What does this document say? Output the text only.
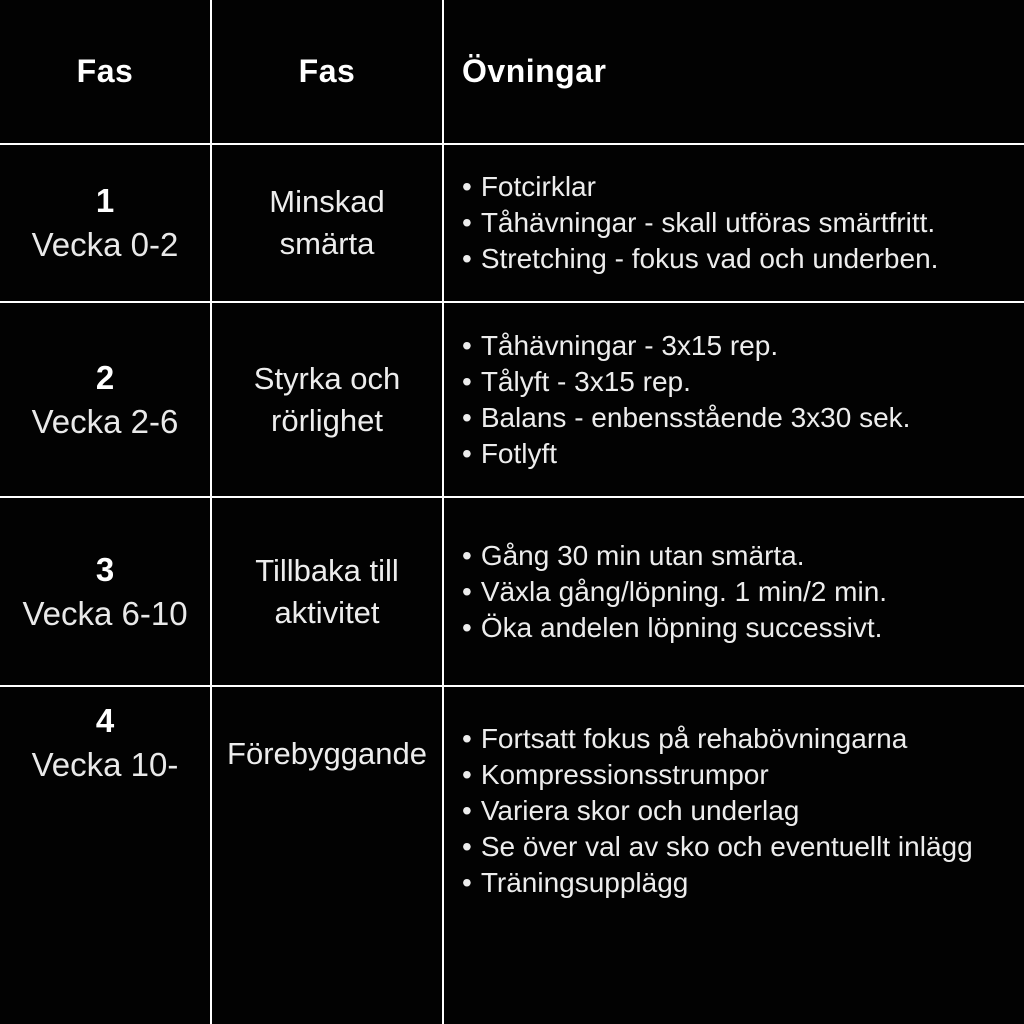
Fas	Fas	Övningar
1
Vecka 0-2
Minskad smärta
• Fotcirklar
• Tåhävningar - skall utföras smärtfritt.
• Stretching - fokus vad och underben.
2
Vecka 2-6
Styrka och rörlighet
• Tåhävningar - 3x15 rep.
• Tålyft - 3x15 rep.
• Balans - enbensstående 3x30 sek.
• Fotlyft
3
Vecka 6-10
Tillbaka till aktivitet
• Gång 30 min utan smärta.
• Växla gång/löpning. 1 min/2 min.
• Öka andelen löpning successivt.
4
Vecka 10- Förebyggande • Fortsatt fokus på rehabövningarna
• Kompressionsstrumpor
• Variera skor och underlag
• Se över val av sko och eventuellt inlägg
• Träningsupplägg
